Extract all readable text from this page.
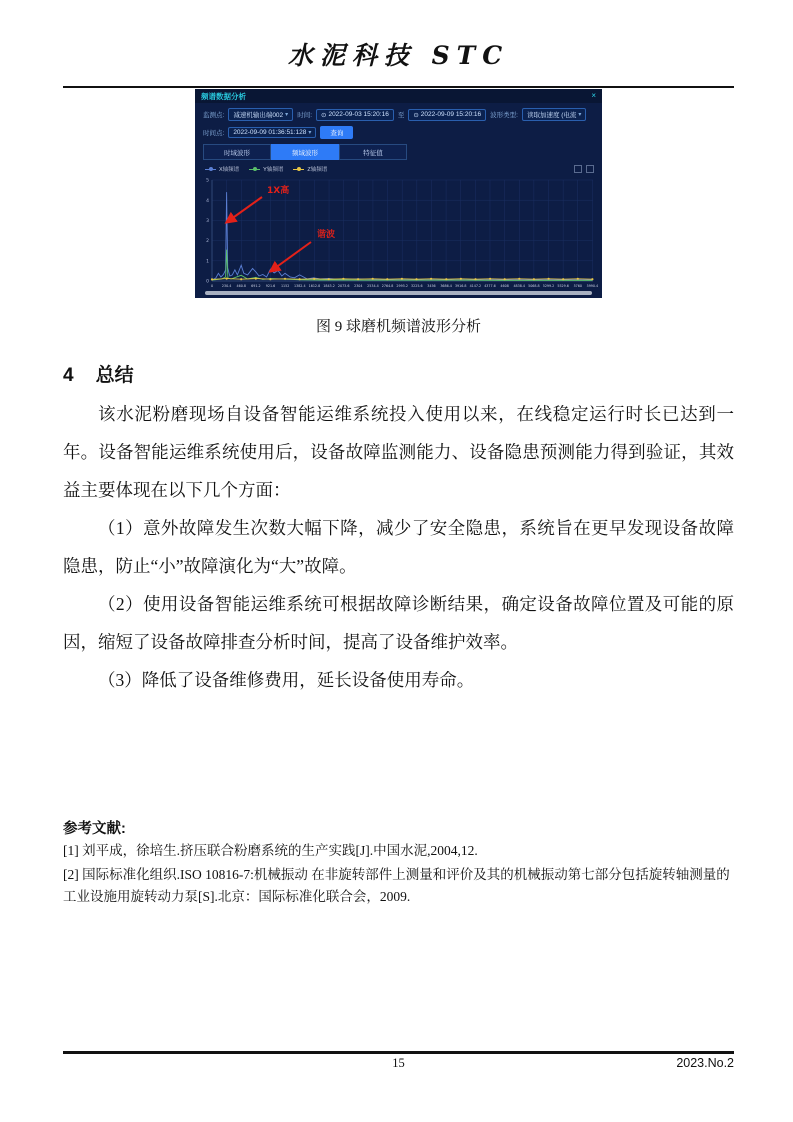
水泥科技 STC
频谱数据分析	×
监测点: 减速机输出端002 ▾ 时间: ⊙ 2022-09-03 15:20:16 至 ⊙ 2022-09-09 15:20:16 波形类型: 读取加速度 (电流 ▾
时间点: 2022-09-09 01:36:51:128 ▾	查询
时域波形	频域波形	特征值
X轴频谱	Y轴频谱	Z轴频谱
0
1
2
3
4
5
0	230.4 460.8 691.2 921.6 1152 1382.4 1612.8 1843.2 2073.6 2304 2534.4 2764.8 2995.2 3225.6 3456 3686.4 3916.8 4147.2 4377.6 4608 4838.4 5068.8 5299.2 5529.6 5760 5990.4
1X高
谐波
图 9 球磨机频谱波形分析
4 总结

该水泥粉磨现场自设备智能运维系统投入使用以来，在线稳定运行时长已达到一年。设备智能运维系统使用后，设备故障监测能力、设备隐患预测能力得到验证，其效益主要体现在以下几个方面：

（1）意外故障发生次数大幅下降，减少了安全隐患，系统旨在更早发现设备故障隐患，防止“小”故障演化为“大”故障。

（2）使用设备智能运维系统可根据故障诊断结果，确定设备故障位置及可能的原因，缩短了设备故障排查分析时间，提高了设备维护效率。

（3）降低了设备维修费用，延长设备使用寿命。

参考文献:
[1] 刘平成，徐培生.挤压联合粉磨系统的生产实践[J].中国水泥,2004,12.
[2] 国际标准化组织.ISO 10816-7:机械振动 在非旋转部件上测量和评价及其的机械振动第七部分包括旋转轴测量的工业设施用旋转动力泵[S].北京：国际标准化联合会，2009.
15	2023.No.2
